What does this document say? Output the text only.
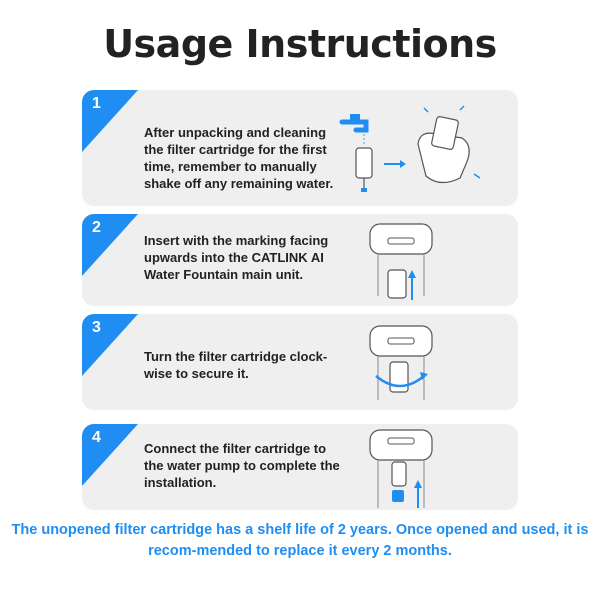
Usage Instructions
1
After unpacking and cleaning the filter cartridge for the first time, remember to manually shake off any remaining water.
2
Insert with the marking facing upwards into the CATLINK AI Water Fountain main unit.
3
Turn the filter cartridge clock-wise to secure it.
4
Connect the filter cartridge to the water pump to complete the installation.
The unopened filter cartridge has a shelf life of 2 years. Once opened and used, it is recom-mended to replace it every 2 months.
